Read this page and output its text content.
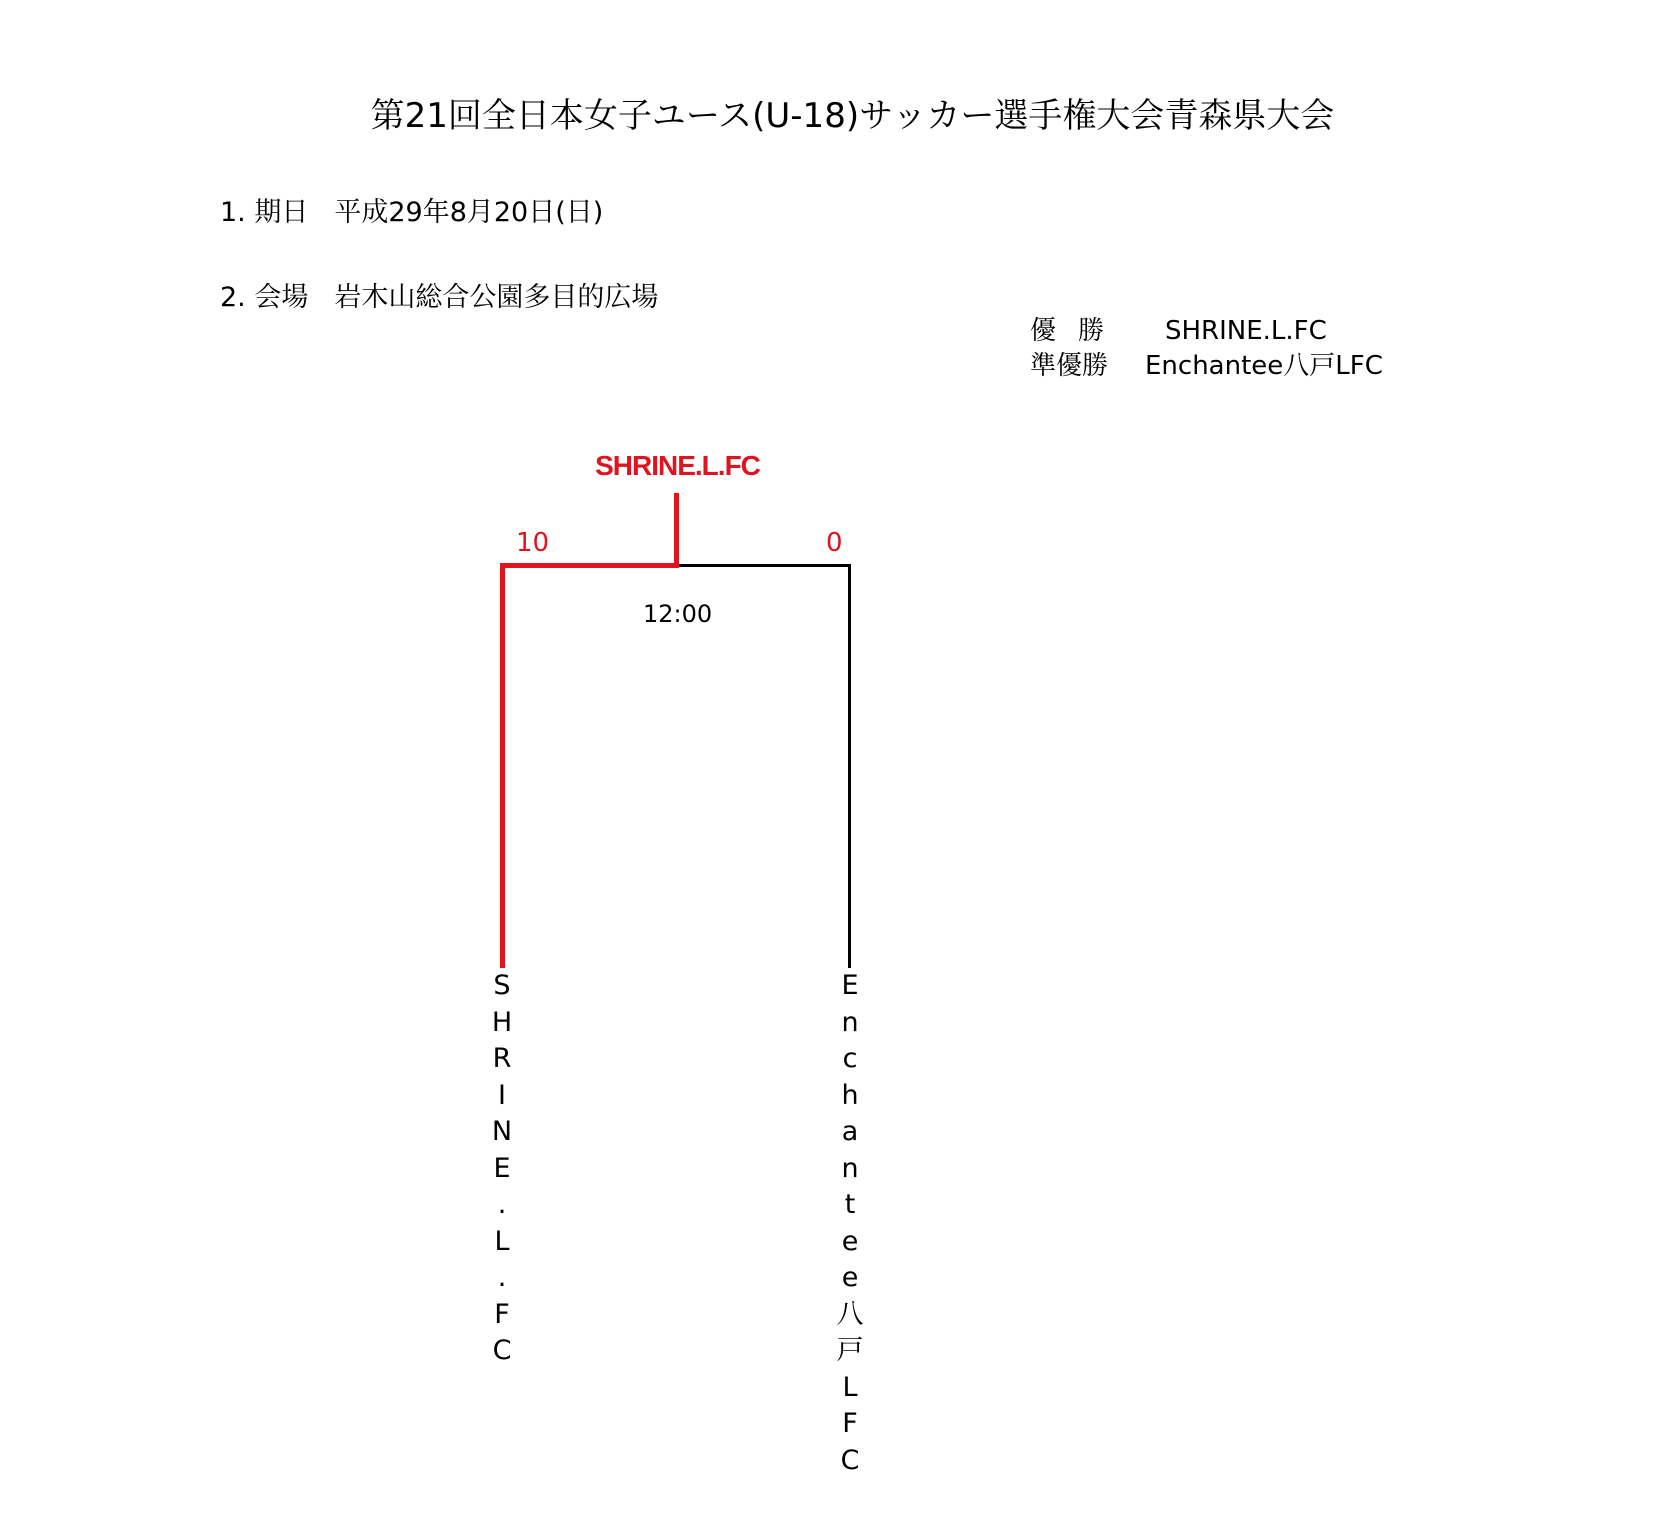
第21回全日本女子ユース(U-18)サッカー選手権大会青森県大会
1. 期日 平成29年8月20日(日)
2. 会場 岩木山総合公園多目的広場
優勝 SHRINE.L.FC
準優勝 Enchantee八戸LFC
SHRINE.L.FC
10	0
12:00
S
H
R
I
N
E
.
L
.
F
C
E
n
c
h
a
n
t
e
e
八
戸
L
F
C
